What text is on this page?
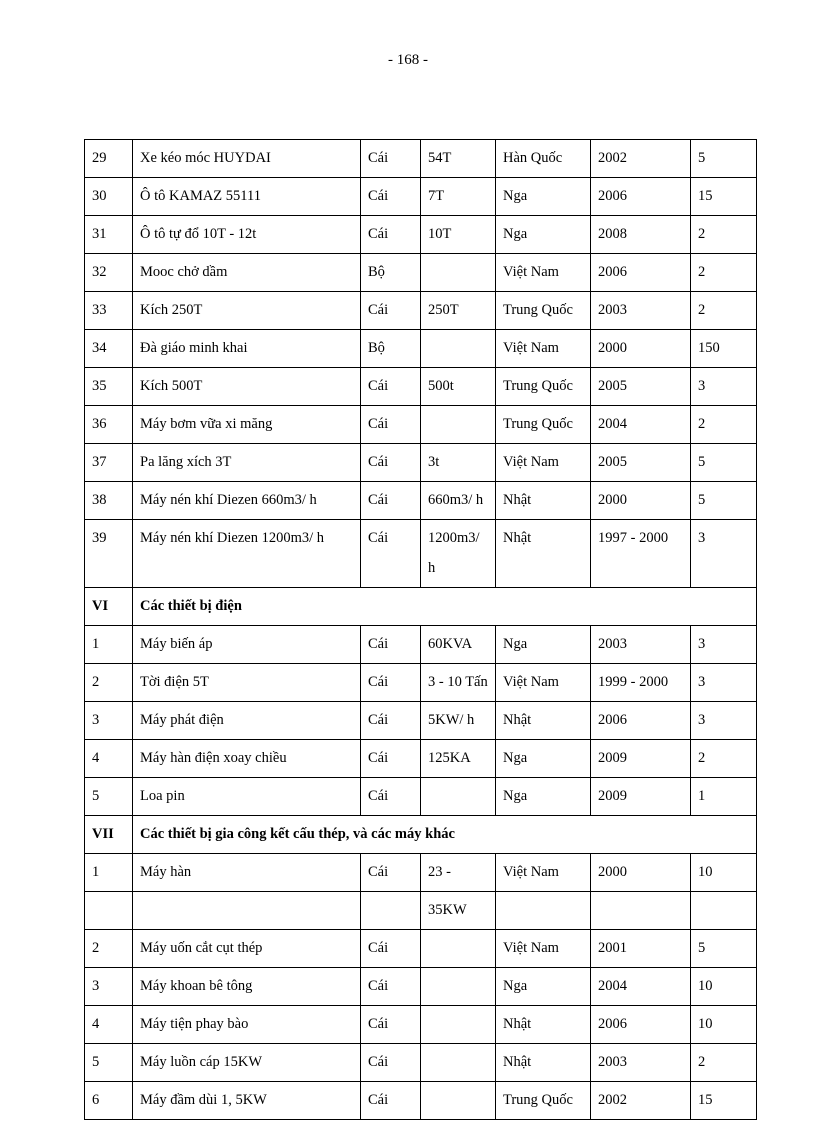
- 168 -
29	Xe kéo móc HUYDAI	Cái	54T	Hàn Quốc	2002	5
30	Ô tô KAMAZ 55111	Cái	7T	Nga	2006	15
31	Ô tô tự đổ 10T - 12t	Cái	10T	Nga	2008	2
32	Mooc chở dầm	Bộ		Việt Nam	2006	2
33	Kích 250T	Cái	250T	Trung Quốc	2003	2
34	Đà giáo minh khai	Bộ		Việt Nam	2000	150
35	Kích 500T	Cái	500t	Trung Quốc	2005	3
36	Máy bơm vữa xi măng	Cái		Trung Quốc	2004	2
37	Pa lăng xích 3T	Cái	3t	Việt Nam	2005	5
38	Máy nén khí Diezen 660m3/ h	Cái	660m3/ h	Nhật	2000	5
39	Máy nén khí Diezen 1200m3/ h	Cái	1200m3/ h	Nhật	1997 - 2000	3
VI	Các thiết bị điện					
1	Máy biến áp	Cái	60KVA	Nga	2003	3
2	Tời điện 5T	Cái	3 - 10 Tấn	Việt Nam	1999 - 2000	3
3	Máy phát điện	Cái	5KW/ h	Nhật	2006	3
4	Máy hàn điện xoay chiều	Cái	125KA	Nga	2009	2
5	Loa pin	Cái		Nga	2009	1
VII	Các thiết bị gia công kết cấu thép, và các máy khác					
1	Máy hàn	Cái	23 -	Việt Nam	2000	10
			35KW			
2	Máy uốn cắt cụt thép	Cái		Việt Nam	2001	5
3	Máy khoan bê tông	Cái		Nga	2004	10
4	Máy tiện phay bào	Cái		Nhật	2006	10
5	Máy luồn cáp 15KW	Cái		Nhật	2003	2
6	Máy đầm dùi 1, 5KW	Cái		Trung Quốc	2002	15
